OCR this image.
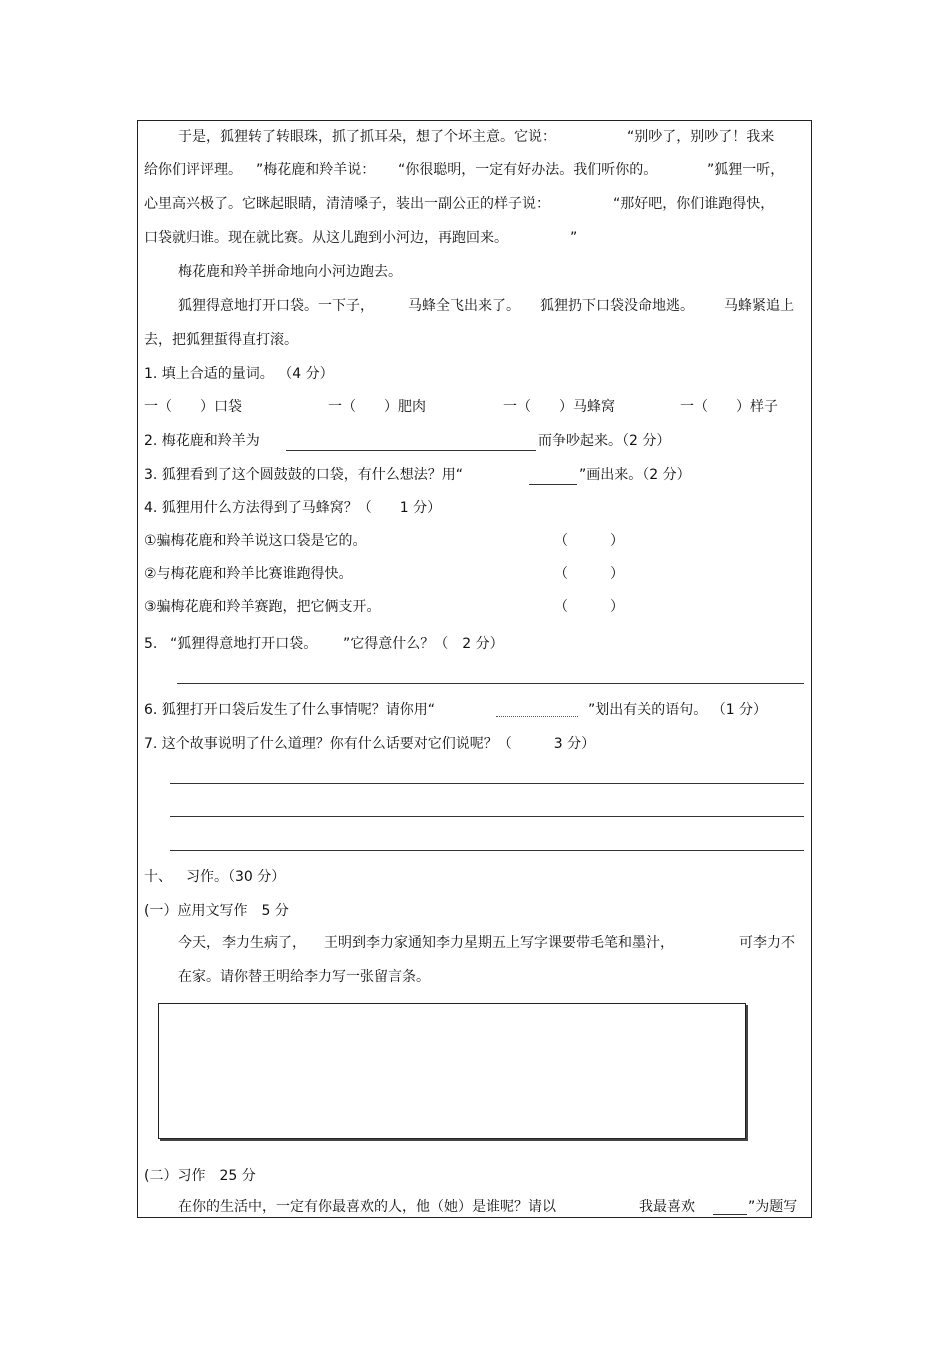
于是，狐狸转了转眼珠，抓了抓耳朵，想了个坏主意。它说：	“别吵了，别吵了！我来
给你们评评理。 ”梅花鹿和羚羊说： “你很聪明，一定有好办法。我们听你的。	”狐狸一听，
心里高兴极了。它眯起眼睛，清清嗓子，装出一副公正的样子说：	“那好吧，你们谁跑得快，
口袋就归谁。现在就比赛。从这儿跑到小河边，再跑回来。	”
梅花鹿和羚羊拼命地向小河边跑去。
狐狸得意地打开口袋。一下子， 马蜂全飞出来了。 狐狸扔下口袋没命地逃。 马蜂紧追上
去，把狐狸蜇得直打滚。
1. 填上合适的量词。 （4 分）
一（　　）口袋	一（　　）肥肉	一（　　）马蜂窝	一（　　）样子
2. 梅花鹿和羚羊为	而争吵起来。（2 分）
3. 狐狸看到了这个圆鼓鼓的口袋，有什么想法？用“	”画出来。（2 分）
4. 狐狸用什么方法得到了马蜂窝？（　　1 分）
①骗梅花鹿和羚羊说这口袋是它的。	（　　　）
②与梅花鹿和羚羊比赛谁跑得快。	（　　　）
③骗梅花鹿和羚羊赛跑，把它俩支开。	（　　　）
5. “狐狸得意地打开口袋。 ”它得意什么？（　2 分）
6. 狐狸打开口袋后发生了什么事情呢？请你用“	”划出有关的语句。 （1 分）
7. 这个故事说明了什么道理？你有什么话要对它们说呢？（　　　3 分）
十、 习作。（30 分）
(一）应用文写作　5 分
今天， 李力生病了， 王明到李力家通知李力星期五上写字课要带毛笔和墨汁，	可李力不
在家。请你替王明给李力写一张留言条。
(二）习作　25 分
在你的生活中，一定有你最喜欢的人，他（她）是谁呢？请以	我最喜欢	”为题写
